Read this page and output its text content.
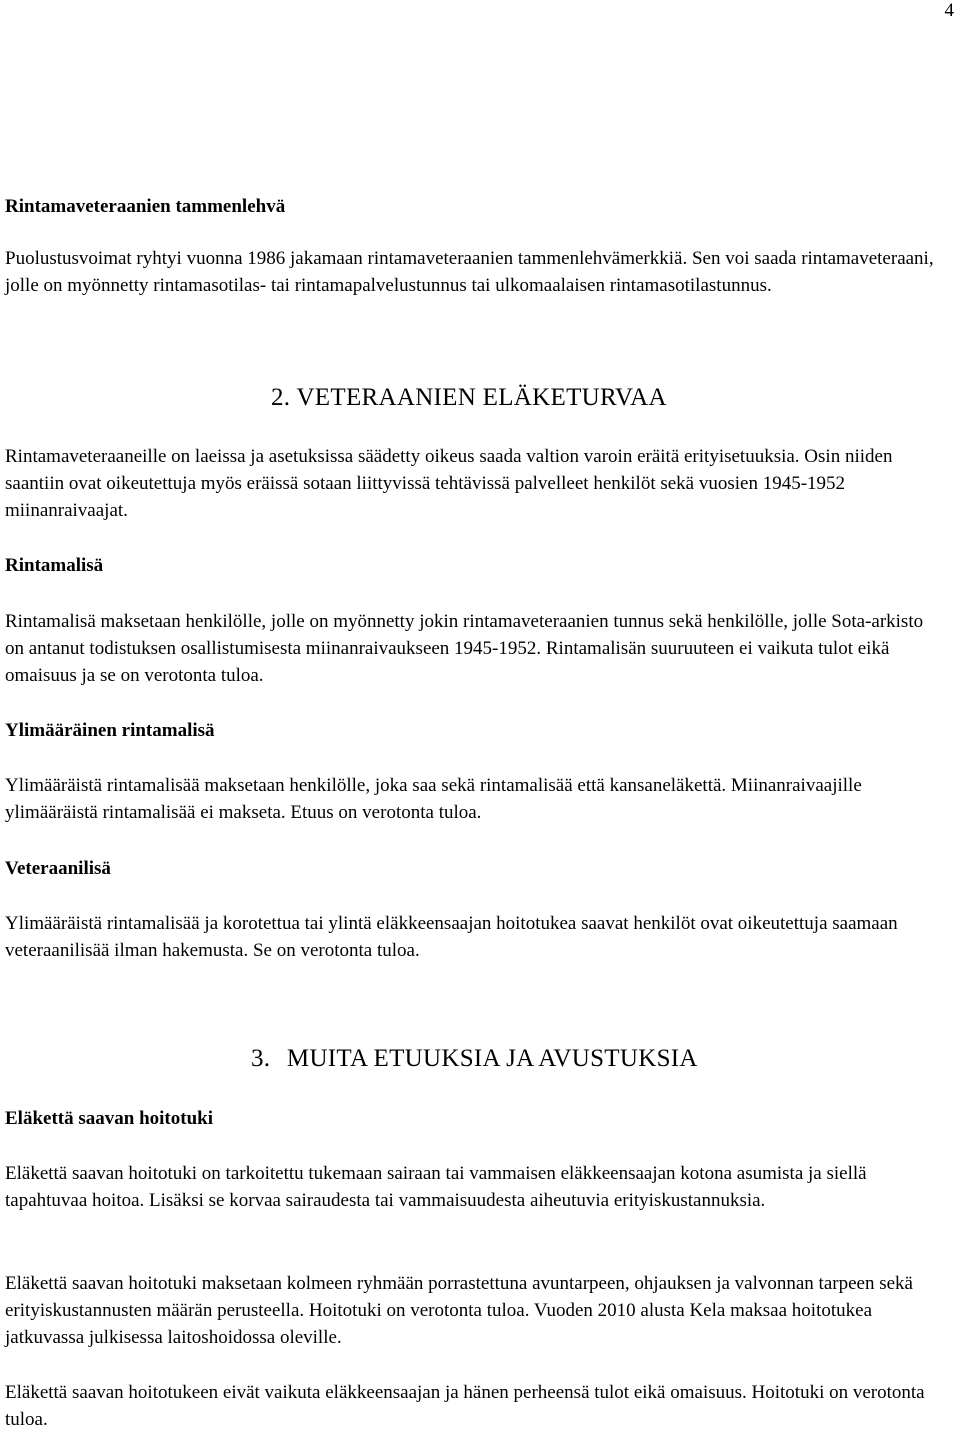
4
Rintamaveteraanien tammenlehvä
Puolustusvoimat ryhtyi vuonna 1986 jakamaan rintamaveteraanien tammenlehvämerkkiä. Sen voi saada rintamaveteraani, jolle on myönnetty rintamasotilas- tai rintamapalvelustunnus tai ulkomaalaisen rintamasotilastunnus.
2. VETERAANIEN ELÄKETURVAA
Rintamaveteraaneille on laeissa ja asetuksissa säädetty oikeus saada valtion varoin eräitä erityisetuuksia. Osin niiden saantiin ovat oikeutettuja myös eräissä sotaan liittyvissä tehtävissä palvelleet henkilöt sekä vuosien 1945-1952 miinanraivaajat.
Rintamalisä
Rintamalisä maksetaan henkilölle, jolle on myönnetty jokin rintamaveteraanien tunnus sekä henkilölle, jolle Sota-arkisto on antanut todistuksen osallistumisesta miinanraivaukseen 1945-1952. Rintamalisän suuruuteen ei vaikuta tulot eikä omaisuus ja se on verotonta tuloa.
Ylimääräinen rintamalisä
Ylimääräistä rintamalisää maksetaan henkilölle, joka saa sekä rintamalisää että kansaneläkettä. Miinanraivaajille ylimääräistä rintamalisää ei makseta. Etuus on verotonta tuloa.
Veteraanilisä
Ylimääräistä rintamalisää ja korotettua tai ylintä eläkkeensaajan hoitotukea saavat henkilöt ovat oikeutettuja saamaan veteraanilisää ilman hakemusta. Se on verotonta tuloa.
3. MUITA ETUUKSIA JA AVUSTUKSIA
Eläkettä saavan hoitotuki
Eläkettä saavan hoitotuki on tarkoitettu tukemaan sairaan tai vammaisen eläkkeensaajan kotona asumista ja siellä tapahtuvaa hoitoa. Lisäksi se korvaa sairaudesta tai vammaisuudesta aiheutuvia erityiskustannuksia.
Eläkettä saavan hoitotuki maksetaan kolmeen ryhmään porrastettuna avuntarpeen, ohjauksen ja valvonnan tarpeen sekä erityiskustannusten määrän perusteella. Hoitotuki on verotonta tuloa. Vuoden 2010 alusta Kela maksaa hoitotukea jatkuvassa julkisessa laitoshoidossa oleville.
Eläkettä saavan hoitotukeen eivät vaikuta eläkkeensaajan ja hänen perheensä tulot eikä omaisuus. Hoitotuki on verotonta tuloa.
